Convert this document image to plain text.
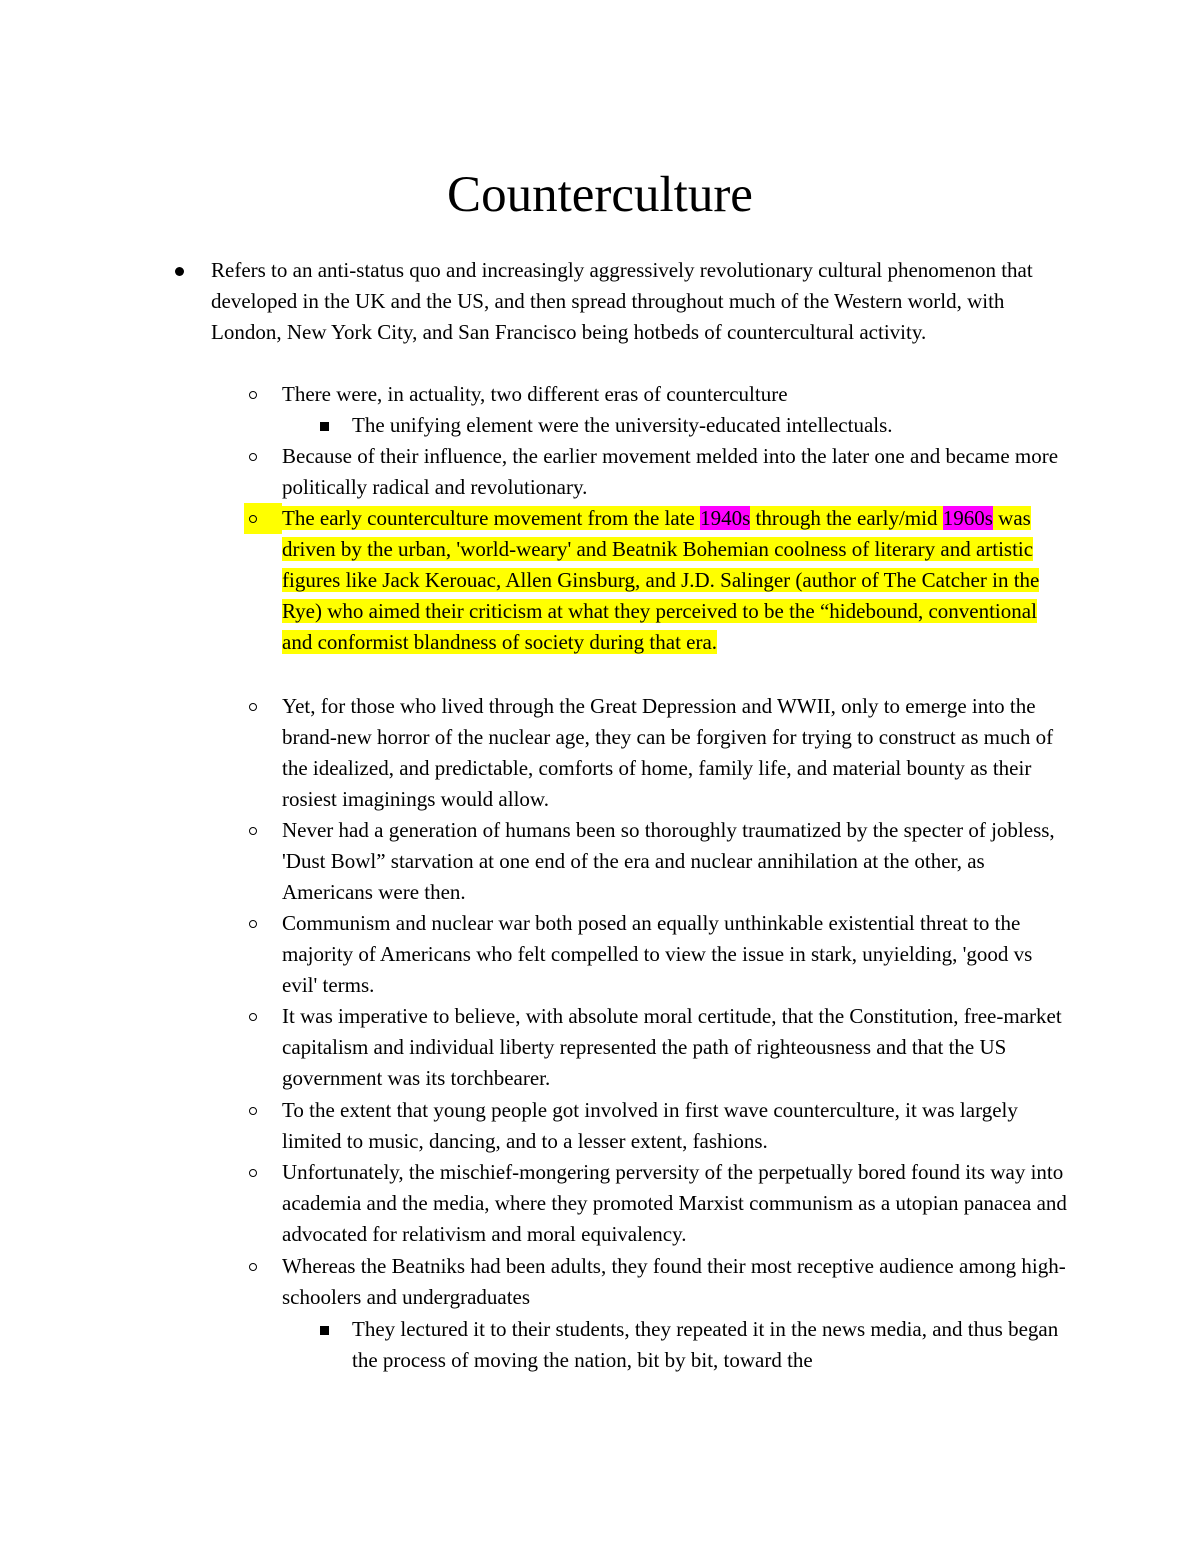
Counterculture
Refers to an anti-status quo and increasingly aggressively revolutionary cultural phenomenon that developed in the UK and the US, and then spread throughout much of the Western world, with London, New York City, and San Francisco being hotbeds of countercultural activity.
There were, in actuality, two different eras of counterculture
The unifying element were the university-educated intellectuals.
Because of their influence, the earlier movement melded into the later one and became more politically radical and revolutionary.
The early counterculture movement from the late 1940s through the early/mid 1960s was driven by the urban, 'world-weary' and Beatnik Bohemian coolness of literary and artistic figures like Jack Kerouac, Allen Ginsburg, and J.D. Salinger (author of The Catcher in the Rye) who aimed their criticism at what they perceived to be the “hidebound, conventional and conformist blandness of society during that era.
Yet, for those who lived through the Great Depression and WWII, only to emerge into the brand-new horror of the nuclear age, they can be forgiven for trying to construct as much of the idealized, and predictable, comforts of home, family life, and material bounty as their rosiest imaginings would allow.
Never had a generation of humans been so thoroughly traumatized by the specter of jobless, 'Dust Bowl” starvation at one end of the era and nuclear annihilation at the other, as Americans were then.
Communism and nuclear war both posed an equally unthinkable existential threat to the majority of Americans who felt compelled to view the issue in stark, unyielding, 'good vs evil' terms.
It was imperative to believe, with absolute moral certitude, that the Constitution, free-market capitalism and individual liberty represented the path of righteousness and that the US government was its torchbearer.
To the extent that young people got involved in first wave counterculture, it was largely limited to music, dancing, and to a lesser extent, fashions.
Unfortunately, the mischief-mongering perversity of the perpetually bored found its way into academia and the media, where they promoted Marxist communism as a utopian panacea and advocated for relativism and moral equivalency.
Whereas the Beatniks had been adults, they found their most receptive audience among high-schoolers and undergraduates
They lectured it to their students, they repeated it in the news media, and thus began the process of moving the nation, bit by bit, toward the
